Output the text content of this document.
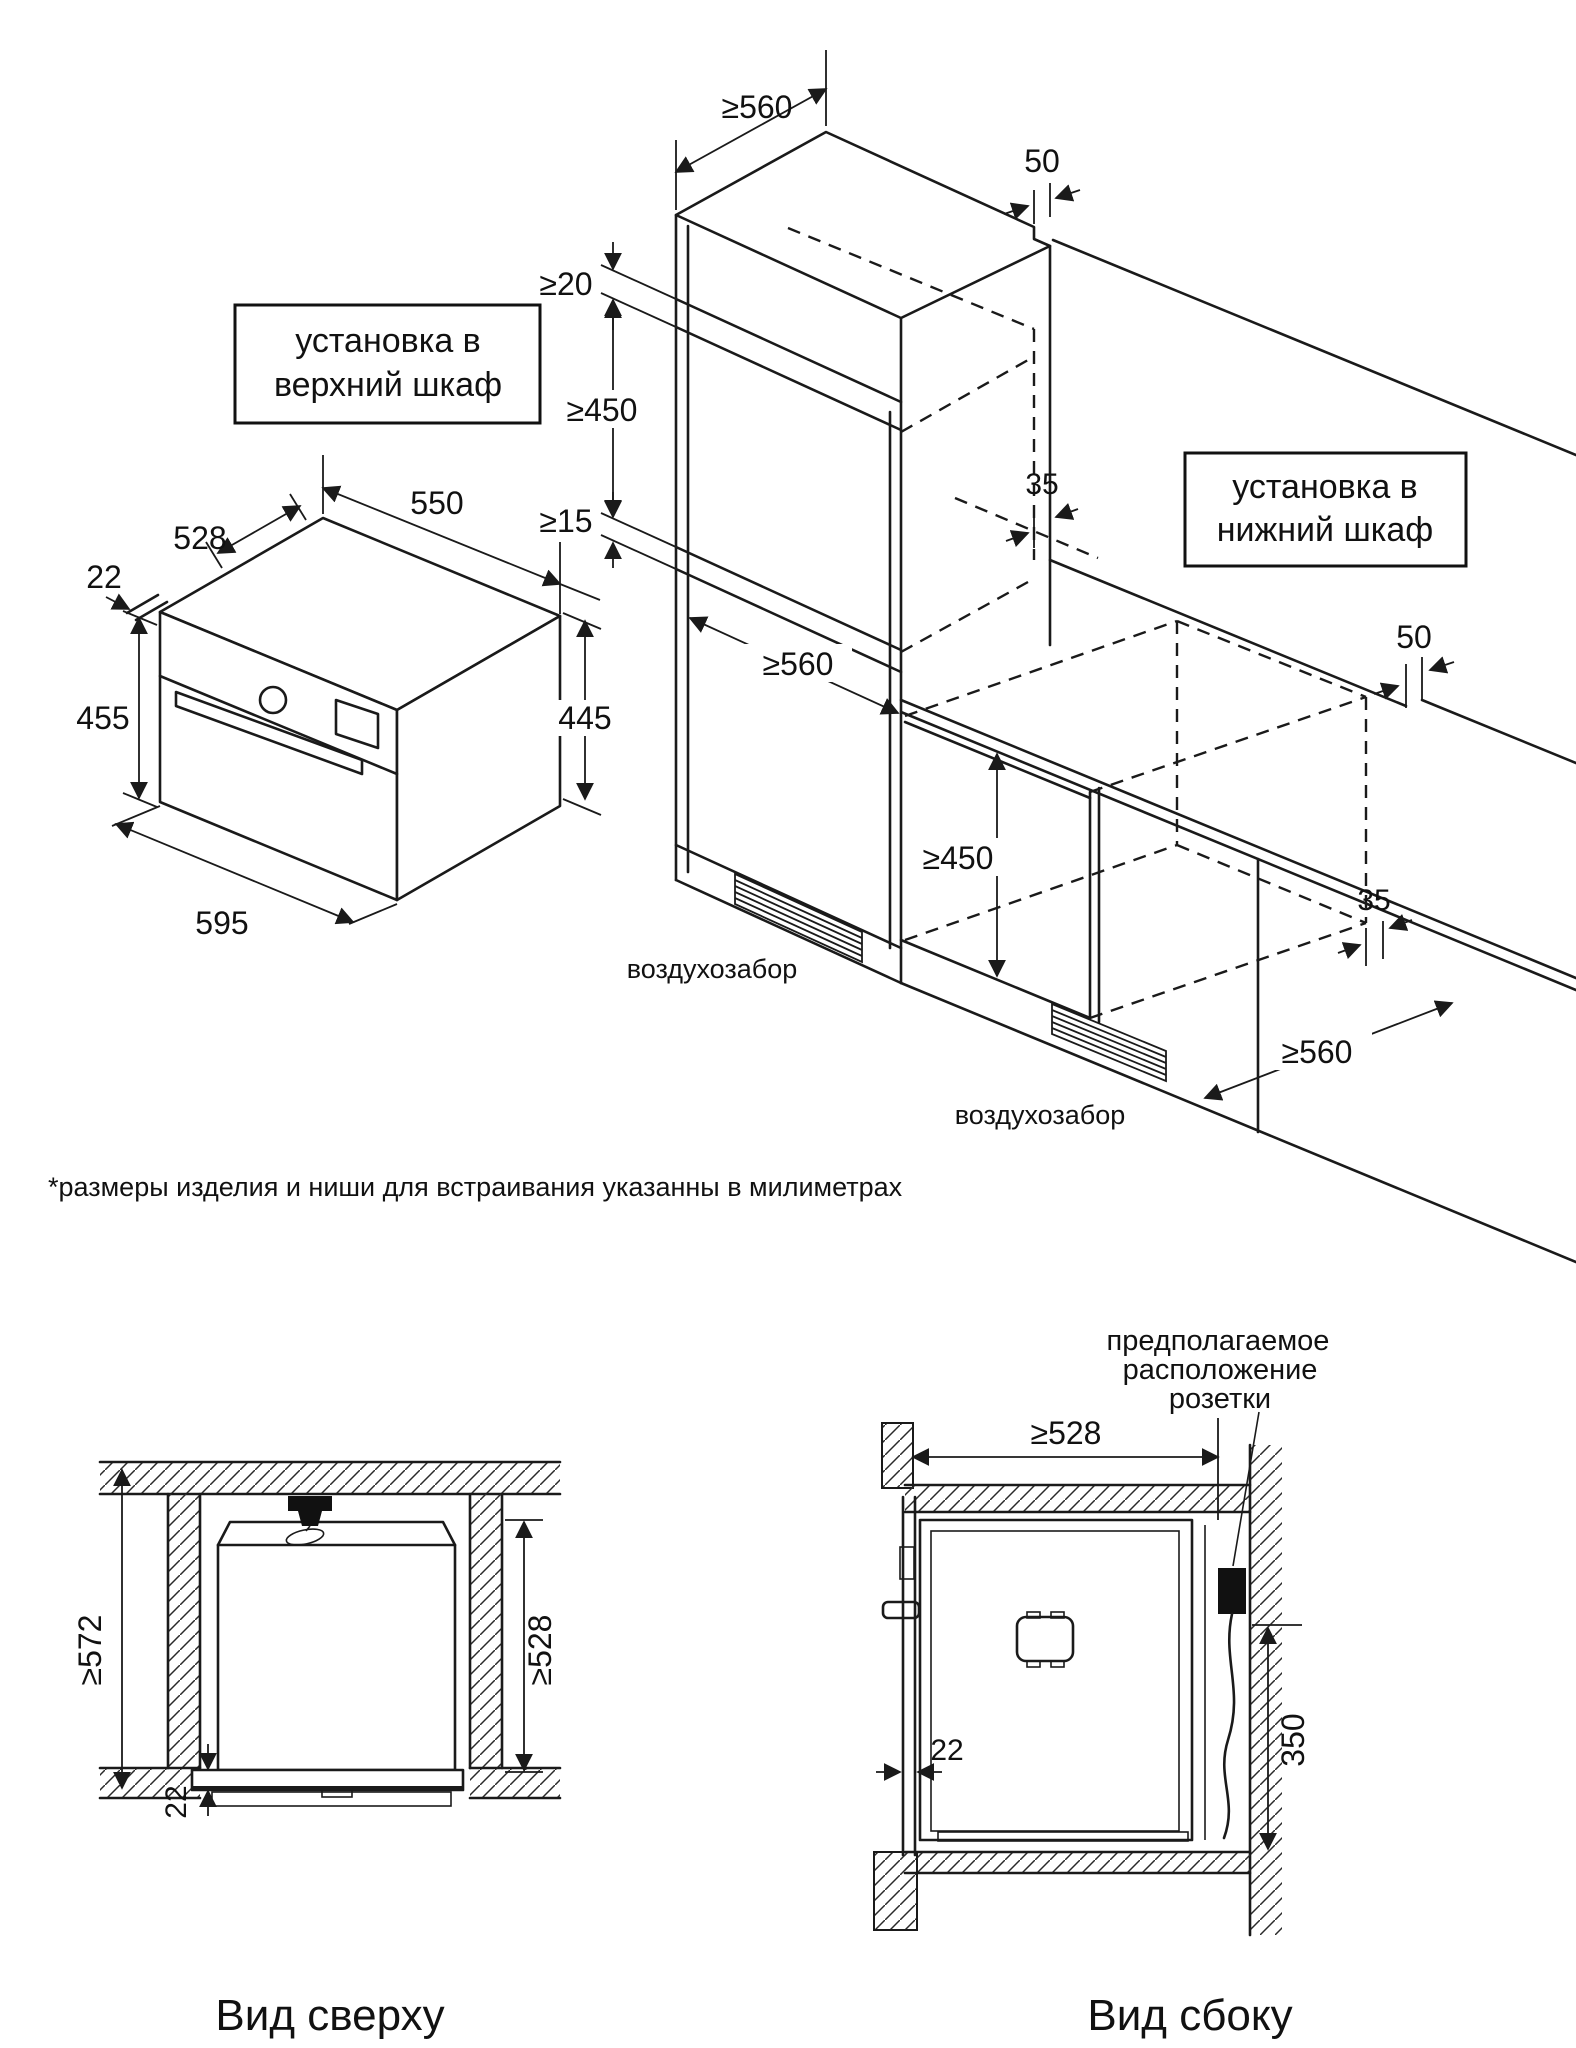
установка в
верхний шкаф
528
550
22
455	445
595
воздухозабор
50
≥560
≥20
≥450
≥15
≥560
35
воздухозабор
50
≥450
35
≥560
установка в
нижний шкаф
*размеры изделия и ниши для встраивания указанны в милиметрах
≥572	≥528
22
Вид сверху
≥528
22	350
предполагаемое
расположение
розетки
Вид сбоку
